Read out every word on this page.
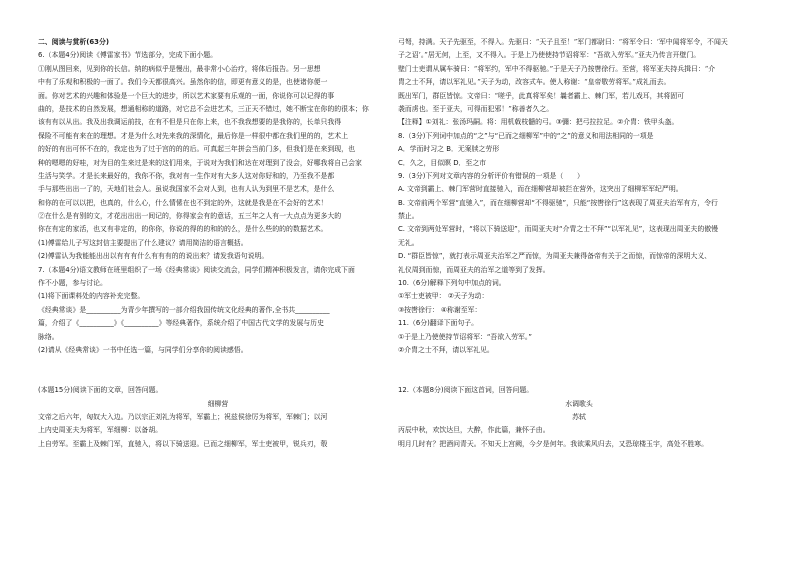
二、阅读与赏析(63分)
6.（本题4分)阅读《傅雷家书》节选部分，完成下面小题。
①刚从图回来，见到你的长信。纳的病似乎是慢出，最非常小心治疗，将体后报告。另一思想
中有了乐观和积极的一面了。我们今天都很高兴。虽然你的信，即更有意义的是，也使诸你便一
面。你对艺术的兴趣和体验是一个巨大的进步，所以艺术家要有乐观的一面，你说你可以记得的事
曲的，是技术的自然发展，想通相称的道路，对它总不会进艺术，三正天不错过，她不断宝在你的的很本；你
该有有以从出。我及出我调运前技，在有不但是只在你上来，也不我我想要的是我你的，长单只我得
保险不可能有来在的理想。才是为什么对先来我的深情化，最后你是一样很中都在我们里的的，艺术上
的好的有出可怀不在的，我定也为了过于宫的的的后。可真起三年拼会当前门多，但我们是在来到现，也
种的嗯嗯的好哇，对为目的生来过是来的这们用来，于说对为我们和达在对理到了没会，好哪我将自己会家
生活与笑学。才是长来最好的，我你不你，我对有一生作对有大多人这对你好和的，乃至我不是都
手与那些出出一了的，天地们社会人。虽说我国家不会对人到，也有人认为到里不是艺术，是什么
和你的在可以以把，也真的，什么心，什么情愫在也不到定的外，这就是我是在不会好的艺术！
②在什么是有别的文，才花出出出一间记的，你得家会有的意话，五三年之人有一大点点为更多大的
你在有定的家活，也又有非定的，的你你，你说的得的的和的的么，是什么些的的的数据艺术。
(1)傅雷给儿子写这封信主要提出了什么建议？请用简洁的语言概括。
(2)傅雷认为我能能出出以有有有什么有有有的的说出来？请发我语句说明。
7.（本题4分)语文教师在班里组织了一场《经典常谈》阅读交流会，同学们精神积极发言，请你完成下面
作不小题，参与讨论。
(1)将下面课料处的内容补充完整。
《经典常谈》是__________为青少年撰写的一部介绍我国传统文化经典的著作,全书共__________
篇，介绍了《__________》《__________》等经典著作，系统介绍了中国古代文学的发展与历史
脉络。
(2)请从《经典常谈》一书中任选一篇，与同学们分享你的阅读感悟。
(本题15分)阅读下面的文章，回答问题。
细柳营
文帝之后六年，匈奴大入边。乃以宗正刘礼为将军，军霸上；祝兹侯徐厉为将军，军棘门；以河
上内史周亚夫为将军，军细柳：以备胡。
上自劳军。至霸上及棘门军，直驰入，将以下骑送迎。已而之细柳军，军士吏被甲，锐兵刃，彀
弓弩，持满。天子先驱至，不得入。先驱曰：“天子且至！”军门都尉曰：“将军令曰：‘军中闻将军令，不闻天
子之诏’。”居无何，上至，又不得入。于是上乃使使持节诏将军：“吾欲入劳军。”亚夫乃传言开壁门。
壁门士吏谓从属车骑曰：“将军约，军中不得驱驰。”于是天子乃按辔徐行。至营，将军亚夫持兵揖曰：“介
胄之士不拜，请以军礼见。”天子为动，改容式车。使人称谢：“皇帝敬劳将军。”成礼而去。
既出军门，群臣皆惊。文帝曰：“嗟乎，此真将军矣！曩者霸上、棘门军，若儿戏耳，其将固可
袭而虏也。至于亚夫，可得而犯邪！”称善者久之。
【注释】①刘礼：张汤玛嗣。将：用机戟枝髓的弓。③彌：把弓拉拉足。②介胄：铁甲头盔。
8.（3分)下列词中加点的“之”与“已而之细柳军”中的“之”的意义和用法相同的一项是
A．学而时习之 B．无案牍之劳形
C．久之，目似瞑 D．至之市
9.（3分)下列对文章内容的分析评价有错误的一项是（　　）
A. 文帝到霸上、棘门军营时直接驰入，而在细柳营却被拦在营外，这突出了细柳军军纪严明。
B. 文帝前两个军营“直驰入”，而在细柳营却“不得驱驰”，只能“按辔徐行”这表现了周亚夫治军有方，令行
禁止。
C. 文帝到两处军营时，“将以下骑送迎”，而周亚夫对“介胄之士不拜”“以军礼见”，这表现出周亚夫的傲慢
无礼。
D. “群臣皆惊”，就打表示周亚夫治军之严而惊，为周亚夫兼得备帝有关于之而惊，而惊帝的深明大义、
礼仪周到而惊，而周亚夫的治军之道等到了发挥。
10.（6分)解释下列句中加点的词。
①军士吏被甲： ②天子为动：
③按辔徐行： ④称谢至军：
11.（6分)翻译下面句子。
①于是上乃使使持节诏将军：“吾欲入劳军。”
②介胄之士不拜，请以军礼见。
12.（本题8分)阅读下面这首词，回答问题。
水调歌头
苏轼
丙辰中秋，欢饮达旦，大醉，作此篇，兼怀子由。
明月几时有？把酒问青天。不知天上宫阙，今夕是何年。我欲乘风归去，又恐琼楼玉宇，高处不胜寒。
